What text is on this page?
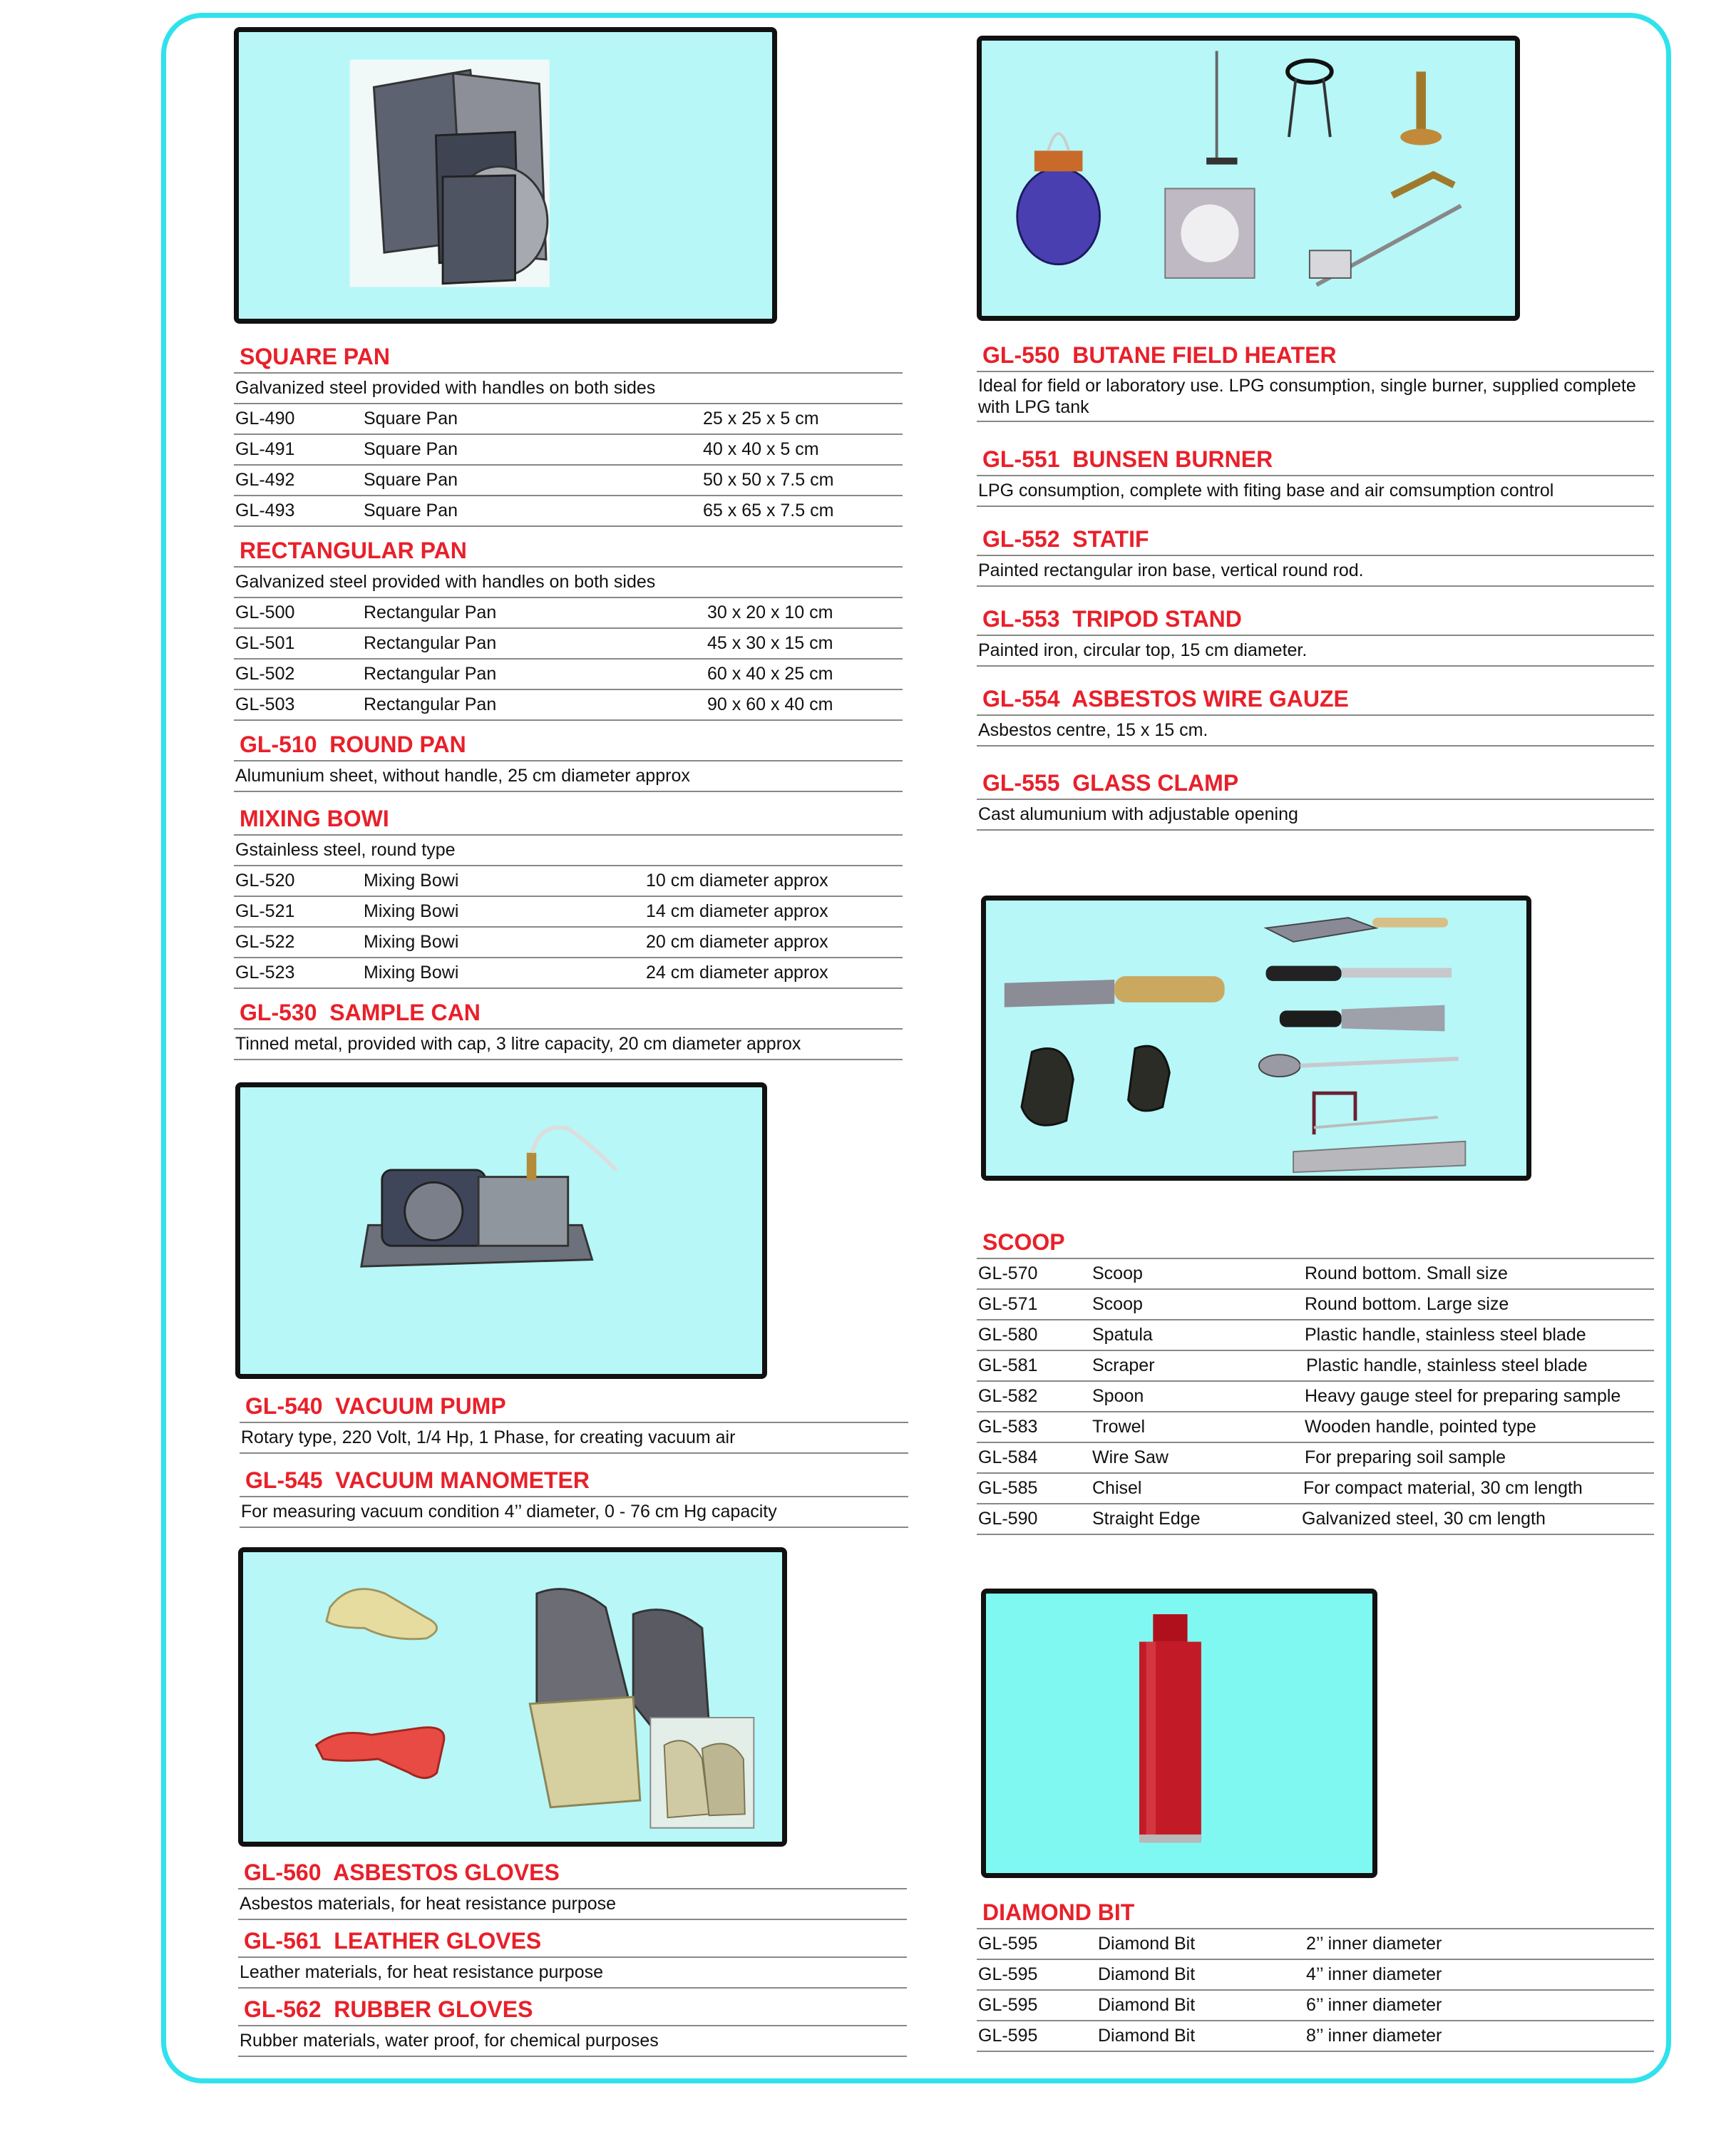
SQUARE PAN
Galvanized steel provided with handles on both sides
GL-490	Square Pan	25 x 25 x 5 cm
GL-491	Square Pan	40 x 40 x 5 cm
GL-492	Square Pan	50 x 50 x 7.5 cm
GL-493	Square Pan	65 x 65 x 7.5 cm
RECTANGULAR PAN
Galvanized steel provided with handles on both sides
GL-500	Rectangular Pan	30 x 20 x 10 cm
GL-501	Rectangular Pan	45 x 30 x 15 cm
GL-502	Rectangular Pan	60 x 40 x 25 cm
GL-503	Rectangular Pan	90 x 60 x 40 cm
GL-510  ROUND PAN
Alumunium sheet, without handle, 25 cm diameter approx
MIXING BOWI
Gstainless steel, round type
GL-520	Mixing Bowi	10 cm diameter approx
GL-521	Mixing Bowi	14 cm diameter approx
GL-522	Mixing Bowi	20 cm diameter approx
GL-523	Mixing Bowi	24 cm diameter approx
GL-530  SAMPLE CAN
Tinned metal, provided with cap, 3 litre capacity, 20 cm diameter approx
GL-540  VACUUM PUMP
Rotary type, 220 Volt, 1/4 Hp, 1 Phase, for creating vacuum air
GL-545  VACUUM MANOMETER
For measuring vacuum condition 4’’ diameter, 0 - 76 cm Hg capacity
GL-560  ASBESTOS GLOVES
Asbestos materials, for heat resistance purpose
GL-561  LEATHER GLOVES
Leather materials, for heat resistance purpose
GL-562  RUBBER GLOVES
Rubber materials, water proof, for chemical purposes
GL-550  BUTANE FIELD HEATER
Ideal for field or laboratory use. LPG consumption, single burner, supplied complete with LPG tank
GL-551  BUNSEN BURNER
LPG consumption, complete with fiting base and air comsumption control
GL-552  STATIF
Painted rectangular iron base, vertical round rod.
GL-553  TRIPOD STAND
Painted iron, circular top, 15 cm diameter.
GL-554  ASBESTOS WIRE GAUZE
Asbestos centre, 15 x 15 cm.
GL-555  GLASS CLAMP
Cast alumunium with adjustable opening
SCOOP
GL-570	Scoop	Round bottom. Small size
GL-571	Scoop	Round bottom. Large size
GL-580	Spatula	Plastic handle, stainless steel blade
GL-581	Scraper	Plastic handle, stainless steel blade
GL-582	Spoon	Heavy gauge steel for preparing sample
GL-583	Trowel	Wooden handle, pointed type
GL-584	Wire Saw	For preparing soil sample
GL-585	Chisel	For compact material, 30 cm length
GL-590	Straight Edge	Galvanized steel, 30 cm length
DIAMOND BIT
GL-595	Diamond Bit	2’’ inner diameter
GL-595	Diamond Bit	4’’ inner diameter
GL-595	Diamond Bit	6’’ inner diameter
GL-595	Diamond Bit	8’’ inner diameter
